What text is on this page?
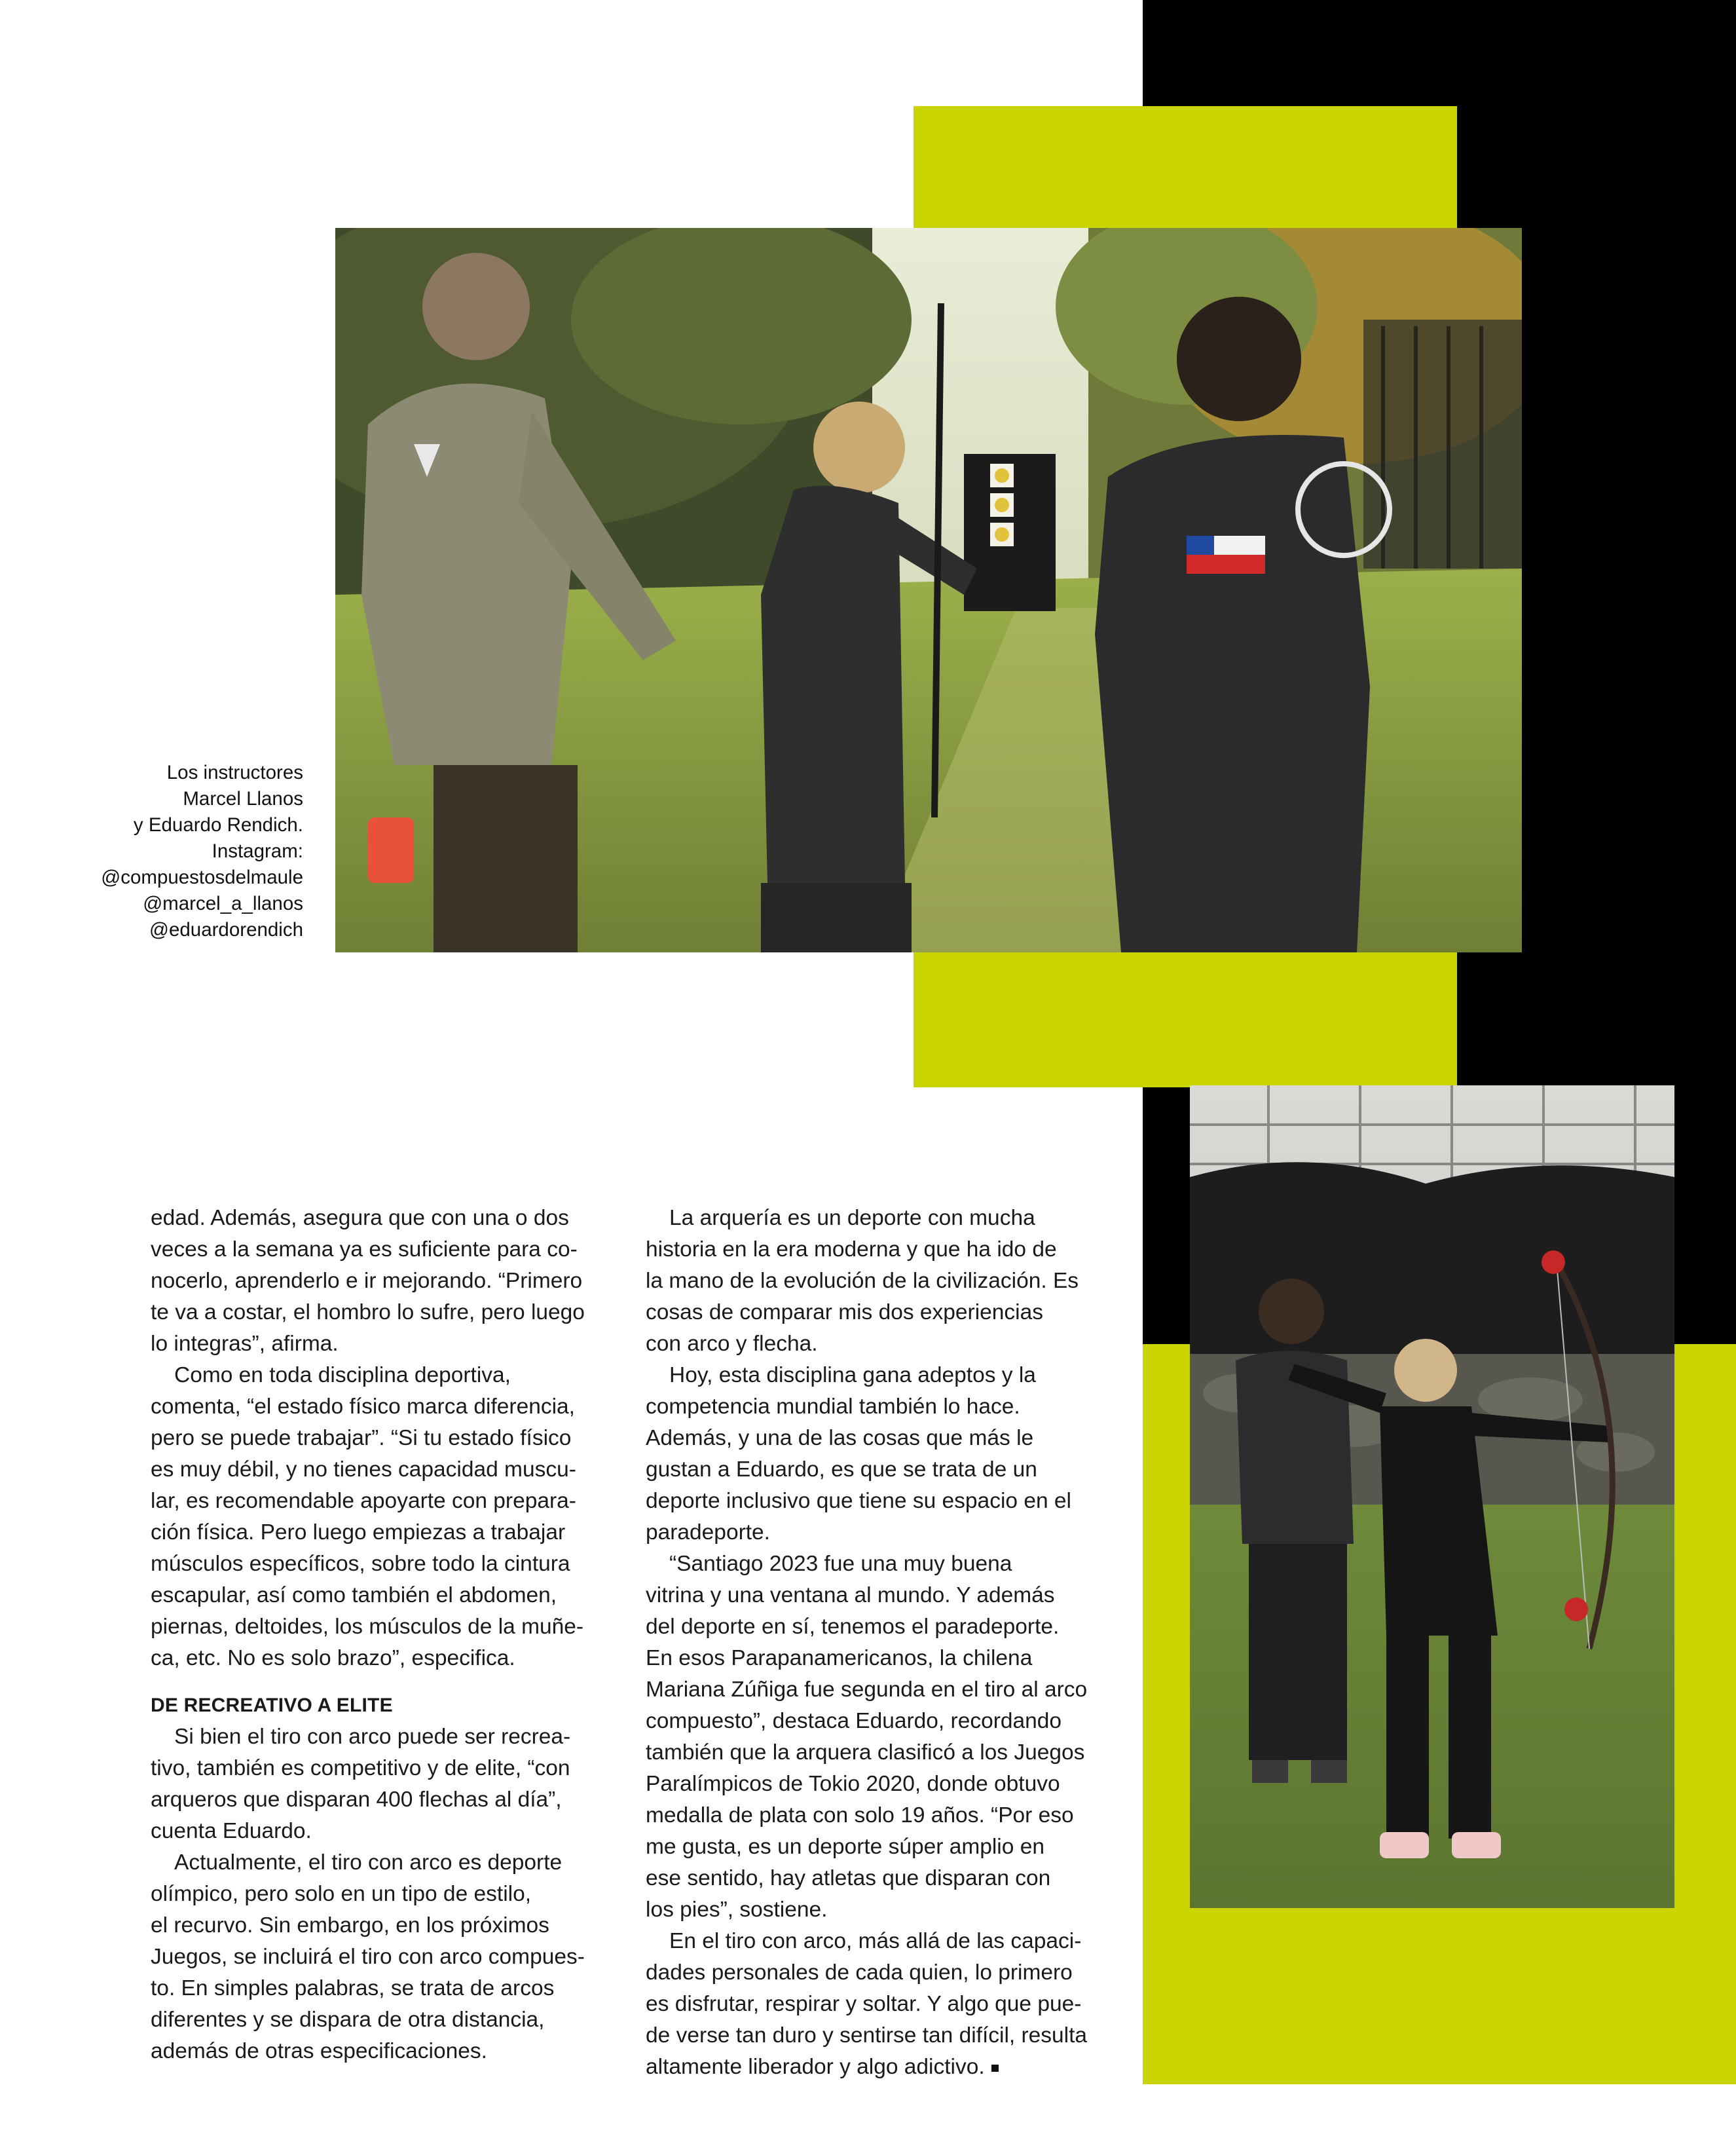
Los instructores
Marcel Llanos
y Eduardo Rendich.
Instagram:
@compuestosdelmaule
@marcel_a_llanos
@eduardorendich
edad. Además, asegura que con una o dos
veces a la semana ya es suficiente para co-
nocerlo, aprenderlo e ir mejorando. “Primero
te va a costar, el hombro lo sufre, pero luego
lo integras”, afirma.
Como en toda disciplina deportiva,
comenta, “el estado físico marca diferencia,
pero se puede trabajar”. “Si tu estado físico
es muy débil, y no tienes capacidad muscu-
lar, es recomendable apoyarte con prepara-
ción física. Pero luego empiezas a trabajar
músculos específicos, sobre todo la cintura
escapular, así como también el abdomen,
piernas, deltoides, los músculos de la muñe-
ca, etc. No es solo brazo”, especifica.
DE RECREATIVO A ELITE
Si bien el tiro con arco puede ser recrea-
tivo, también es competitivo y de elite, “con
arqueros que disparan 400 flechas al día”,
cuenta Eduardo.
Actualmente, el tiro con arco es deporte
olímpico, pero solo en un tipo de estilo,
el recurvo. Sin embargo, en los próximos
Juegos, se incluirá el tiro con arco compues-
to. En simples palabras, se trata de arcos
diferentes y se dispara de otra distancia,
además de otras especificaciones.
La arquería es un deporte con mucha
historia en la era moderna y que ha ido de
la mano de la evolución de la civilización. Es
cosas de comparar mis dos experiencias
con arco y flecha.
Hoy, esta disciplina gana adeptos y la
competencia mundial también lo hace.
Además, y una de las cosas que más le
gustan a Eduardo, es que se trata de un
deporte inclusivo que tiene su espacio en el
paradeporte.
“Santiago 2023 fue una muy buena
vitrina y una ventana al mundo. Y además
del deporte en sí, tenemos el paradeporte.
En esos Parapanamericanos, la chilena
Mariana Zúñiga fue segunda en el tiro al arco
compuesto”, destaca Eduardo, recordando
también que la arquera clasificó a los Juegos
Paralímpicos de Tokio 2020, donde obtuvo
medalla de plata con solo 19 años. “Por eso
me gusta, es un deporte súper amplio en
ese sentido, hay atletas que disparan con
los pies”, sostiene.
En el tiro con arco, más allá de las capaci-
dades personales de cada quien, lo primero
es disfrutar, respirar y soltar. Y algo que pue-
de verse tan duro y sentirse tan difícil, resulta
altamente liberador y algo adictivo.
